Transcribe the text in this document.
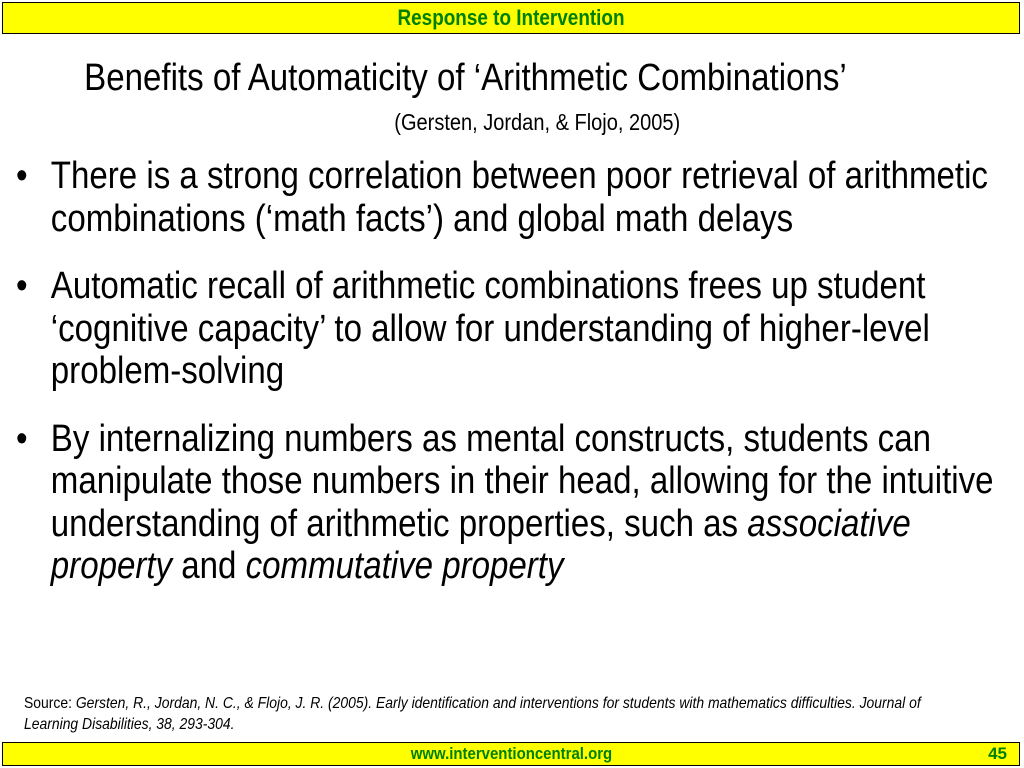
Response to Intervention
Benefits of Automaticity of ‘Arithmetic Combinations’
(Gersten, Jordan, & Flojo, 2005)
• There is a strong correlation between poor retrieval of arithmetic combinations (‘math facts’) and global math delays
• Automatic recall of arithmetic combinations frees up student ‘cognitive capacity’ to allow for understanding of higher-level problem-solving
• By internalizing numbers as mental constructs, students can manipulate those numbers in their head, allowing for the intuitive understanding of arithmetic properties, such as associative property and commutative property
Source: Gersten, R., Jordan, N. C., & Flojo, J. R. (2005). Early identification and interventions for students with mathematics difficulties. Journal of Learning Disabilities, 38, 293-304.
www.interventioncentral.org	45
